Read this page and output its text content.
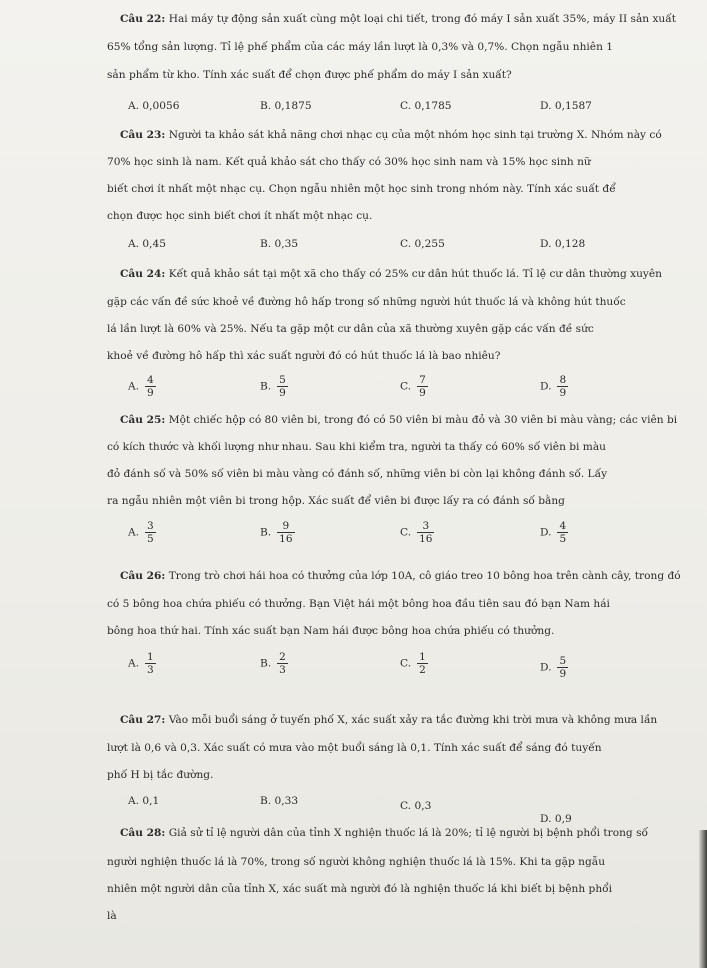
Câu 22: Hai máy tự động sản xuất cùng một loại chi tiết, trong đó máy I sản xuất 35%, máy II sản xuất
65% tổng sản lượng. Tỉ lệ phế phẩm của các máy lần lượt là 0,3% và 0,7%. Chọn ngẫu nhiên 1
sản phẩm từ kho. Tính xác suất để chọn được phế phẩm do máy I sản xuất?
A. 0,0056	B. 0,1875	C. 0,1785	D. 0,1587
Câu 23: Người ta khảo sát khả năng chơi nhạc cụ của một nhóm học sinh tại trường X. Nhóm này có
70% học sinh là nam. Kết quả khảo sát cho thấy có 30% học sinh nam và 15% học sinh nữ
biết chơi ít nhất một nhạc cụ. Chọn ngẫu nhiên một học sinh trong nhóm này. Tính xác suất để
chọn được học sinh biết chơi ít nhất một nhạc cụ.
A. 0,45	B. 0,35	C. 0,255	D. 0,128
Câu 24: Kết quả khảo sát tại một xã cho thấy có 25% cư dân hút thuốc lá. Tỉ lệ cư dân thường xuyên
gặp các vấn đề sức khoẻ về đường hô hấp trong số những người hút thuốc lá và không hút thuốc
lá lần lượt là 60% và 25%. Nếu ta gặp một cư dân của xã thường xuyên gặp các vấn đề sức
khoẻ về đường hô hấp thì xác suất người đó có hút thuốc lá là bao nhiêu?
A. $\frac{4}{9}$	B. $\frac{5}{9}$	C. $\frac{7}{9}$	D. $\frac{8}{9}$
Câu 25: Một chiếc hộp có 80 viên bi, trong đó có 50 viên bi màu đỏ và 30 viên bi màu vàng; các viên bi
có kích thước và khối lượng như nhau. Sau khi kiểm tra, người ta thấy có 60% số viên bi màu
đỏ đánh số và 50% số viên bi màu vàng có đánh số, những viên bi còn lại không đánh số. Lấy
ra ngẫu nhiên một viên bi trong hộp. Xác suất để viên bi được lấy ra có đánh số bằng
A. $\frac{3}{5}$	B. $\frac{9}{16}$	C. $\frac{3}{16}$	D. $\frac{4}{5}$
Câu 26: Trong trò chơi hái hoa có thưởng của lớp 10A, cô giáo treo 10 bông hoa trên cành cây, trong đó
có 5 bông hoa chứa phiếu có thưởng. Bạn Việt hái một bông hoa đầu tiên sau đó bạn Nam hái
bông hoa thứ hai. Tính xác suất bạn Nam hái được bông hoa chứa phiếu có thưởng.
A. $\frac{1}{3}$	B. $\frac{2}{3}$	C. $\frac{1}{2}$	D. $\frac{5}{9}$
Câu 27: Vào mỗi buổi sáng ở tuyến phố X, xác suất xảy ra tắc đường khi trời mưa và không mưa lần
lượt là 0,6 và 0,3. Xác suất có mưa vào một buổi sáng là 0,1. Tính xác suất để sáng đó tuyến
phố H bị tắc đường.
A. 0,1	B. 0,33	C. 0,3
D. 0,9
Câu 28: Giả sử tỉ lệ người dân của tỉnh X nghiện thuốc lá là 20%; tỉ lệ người bị bệnh phổi trong số
người nghiện thuốc lá là 70%, trong số người không nghiện thuốc lá là 15%. Khi ta gặp ngẫu
nhiên một người dân của tỉnh X, xác suất mà người đó là nghiện thuốc lá khi biết bị bệnh phổi
là
